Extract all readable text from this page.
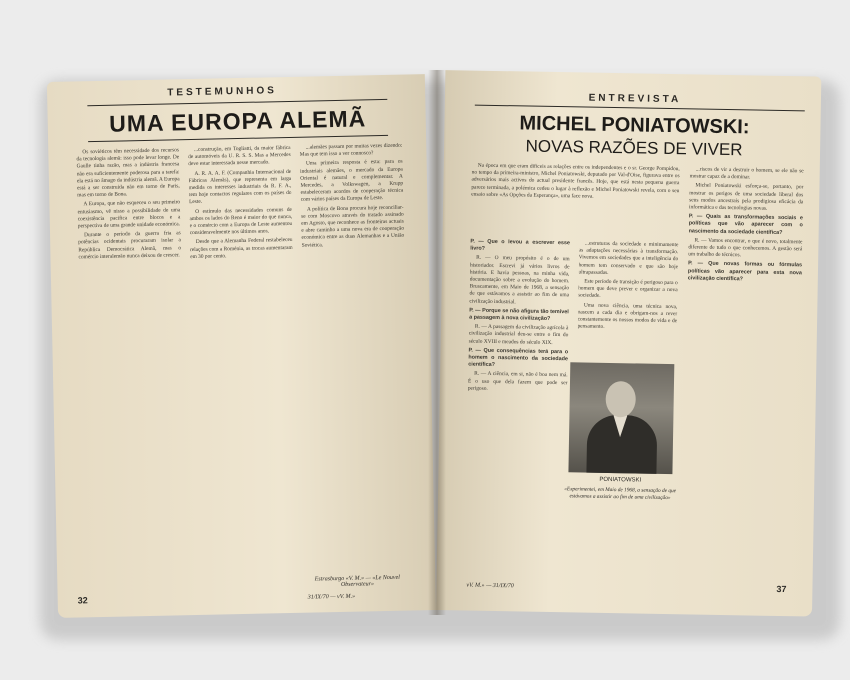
TESTEMUNHOS
UMA EUROPA ALEMÃ

Os soviéticos têm necessidade dos recursos da tecnologia alemã: isso pode levar longe. De Gaulle tinha razão, mas a indústria francesa não era suficientemente poderosa para a tarefa: ela está no âmago da indústria alemã. A Europa está a ser construída não em torno de Paris, mas em torno de Bona.

A Europa, que não esqueceu o seu primeiro entusiasmo, vê nisso a possibilidade de uma coexistência pacífica entre blocos e a perspectiva de uma grande unidade económica.

Durante o período da guerra fria as potências ocidentais procuraram isolar a República Democrática Alemã, mas o comércio interalemão nunca deixou de crescer.

...construção, em Togliatti, da maior fábrica de automóveis da U. R. S. S. Mas a Mercedes deve estar interessada nesse mercado.

A. R. A. A. F. (Companhia Internacional de Fábricas Alemãs), que representa em larga medida os interesses industriais da R. F. A., tem hoje contactos regulares com os países do Leste.

O estímulo das necessidades comuns de ambos os lados do Reno é maior do que nunca, e o comércio com a Europa de Leste aumentou consideravelmente nos últimos anos.

Desde que a Alemanha Federal restabeleceu relações com a Roménia, as trocas aumentaram em 30 por cento.

...alemães passam por muitas vezes dizendo: Mas que tem isso a ver connosco?

Uma primeira resposta é esta: para os industriais alemães, o mercado da Europa Oriental é natural e complementar. A Mercedes, a Volkswagen, a Krupp estabeleceram acordos de cooperação técnica com vários países da Europa de Leste.

A política de Bona procura hoje reconciliar-se com Moscovo através do tratado assinado em Agosto, que reconhece as fronteiras actuais e abre caminho a uma nova era de cooperação económica entre as duas Alemanhas e a União Soviética.

Estrasburgo «V. M.» — «Le Nouvel Observateur»
32	31/IX/70 — vV. M.»
ENTREVISTA
MICHEL PONIATOWSKI:
NOVAS RAZÕES DE VIVER

Na época em que eram difíceis as relações entre os independentes e o sr. George Pompidou, no tempo da primeira-ministro, Michel Poniatowski, deputado por Val-d'Oise, figurava entre os adversários mais activos do actual presidente francês. Hoje, que está nesta pequena guerra parece terminada, a polémica cedeu o lugar à reflexão e Michel Poniatowski revela, com o seu ensaio sobre «As Opções da Esperança», uma face nova.

P. — Que o levou a escrever esse livro?

R. — O meu propósito é o de um historiador. Escrevi já vários livros de história. E havia pessoas, na minha vida, documentação sobre a evolução do homem. Bruscamente, em Maio de 1968, a sensação de que estávamos a assistir ao fim de uma civilização industrial.

P. — Porque se não afigura tão temível a passagem à nova civilização?

R. — A passagem da civilização agrícola à civilização industrial deu-se entre o fim do século XVIII e meados do século XIX.

P. — Que consequências terá para o homem o nascimento da sociedade científica?

R. — A ciência, em si, não é boa nem má. É o uso que dela fazem que pode ser perigoso.

...estruturas da sociedade e minimamente as adaptações necessárias à transformação. Vivemos em sociedades que a inteligência do homem tem conservado e que são hoje ultrapassadas.

Este período de transição é perigoso para o homem que deve prever e organizar a nova sociedade.

Uma nova ciência, uma técnica nova, nascem a cada dia e obrigam-nos a rever constantemente os nossos modos de vida e de pensamento.

PONIATOWSKI
«Experimentei, em Maio de 1968, a sensação de que estávamos a assistir ao fim de uma civilização»

...riscos de vir a destruir o homem, se ele não se mostrar capaz de a dominar.

Michel Poniatowski esforça-se, portanto, por mostrar os perigos de uma sociedade liberal dos seus modos ancestrais pela prodigiosa eficácia da informática e das tecnologias novas.

P. — Quais as transformações sociais e políticas que vão aparecer com o nascimento da sociedade científica?

R. — Vamos encontrar, o que é novo, totalmente diferente de tudo o que conhecemos. A gestão será um trabalho de técnicos.

P. — Que novas formas ou fórmulas políticas vão aparecer para esta nova civilização científica?

vV. M.» — 31/IX/70	37
